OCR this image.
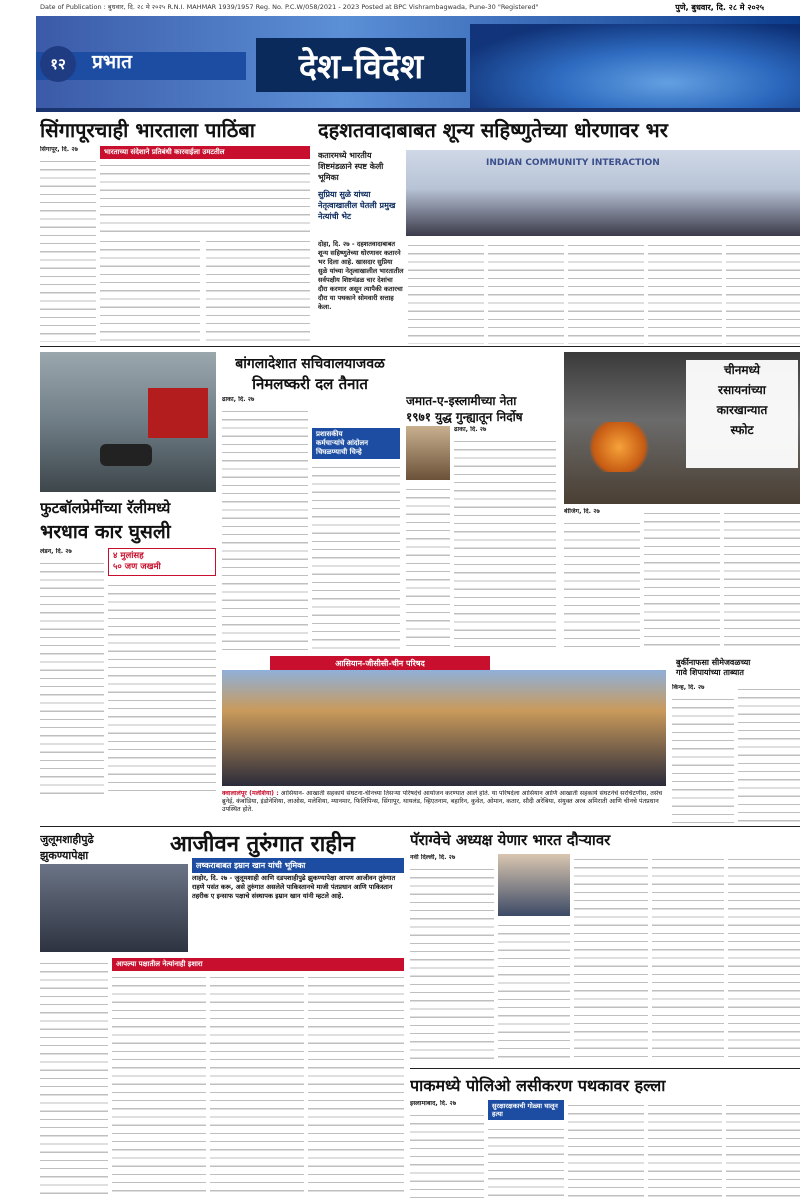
Date of Publication : बुधवार, दि. २८ मे २०२५ R.N.I. MAHMAR 1939/1957 Reg. No. P.C.W/058/2021 - 2023 Posted at BPC Vishrambagwada, Pune-30 "Registered"	पुणे, बुधवार, दि. २८ मे २०२५
१२	प्रभात	देश-विदेश
सिंगापूरचाही भारताला पाठिंबा
भारताच्या संदेशाने प्रतिबंधी कारवाईला उमटतील
सिंगापूर, दि. २७
दहशतवादाबाबत शून्य सहिष्णुतेच्या धोरणावर भर
कतारमध्ये भारतीय शिष्टमंडळाने स्पष्ट केली भूमिका
सुप्रिया सुळे यांच्या नेतृत्वाखालील घेतली प्रमुख नेत्यांची भेट
INDIAN COMMUNITY INTERACTION
दोहा, दि. २७ - दहशतवादाबाबत शून्य सहिष्णुतेच्या धोरणावर कतारने भर दिला आहे. खासदार सुप्रिया सुळे यांच्या नेतृत्वाखालील भारतातील सर्वपक्षीय शिष्टमंडळ चार देशांचा दौरा करणार असून त्यापैकी कतारचा दौरा या पथकाने सोमवारी सत्ताह केला.
फुटबॉलप्रेमींच्या रॅलीमध्ये
भरधाव कार घुसली
लंडन, दि. २७	४ मुलांसह
५० जण जखमी
बांगलादेशात सचिवालयाजवळ
निमलष्करी दल तैनात
ढाका, दि. २७
प्रशासकीय
कर्मचाऱ्यांचे आंदोलन
चिघळण्याची चिन्हे
जमात-ए-इस्लामीच्या नेता
१९७१ युद्ध गुन्ह्यातून निर्दोष
ढाका, दि. २७
चीनमध्ये
रसायनांच्या
कारखान्यात
स्फोट
बीजिंग, दि. २७
आसियान-जीसीसी-चीन परिषद
क्वालालंपूर (मलेशिया) : आसियान- आखाती सहकार्य संघटना-चीनच्या तिसऱ्या परिषदेचे आयोजन करण्यात आले होते. या परिषदेला आसियान आणि आखाती सहकार्य संघटनेचे सरचिटणीस, तसेच ब्रुनेई, कंबोडिया, इंडोनेशिया, लाओस, मलेशिया, म्यानमार, फिलिपिन्स, सिंगापूर, थायलंड, व्हिएतनाम, बहारिन, कुवेत, ओमान, कतार, सौदी अरेबिया, संयुक्त अरब अमिराती आणि चीनचे पंतप्रधान उपस्थित होते.
बुर्कीनाफसा सीमेजवळच्या
गावे शिपायांच्या ताब्यात
किन्ह, दि. २७
जुलूमशाहीपुढे
झुकण्यापेक्षा	आजीवन तुरुंगात राहीन
लष्कराबाबत इम्रान खान यांची भूमिका
लाहोर, दि. २७ - जुलूमशाही आणि दडपशाहीपुढे झुकण्यापेक्षा आपण आजीवन तुरुंगात राहणे पसंत करू, असे तुरुंगात असलेले पाकिस्तानचे माजी पंतप्रधान आणि पाकिस्तान तहरीक ए इन्साफ पक्षाचे संस्थापक इम्रान खान यांनी म्हटले आहे.
आपल्या पक्षातील नेत्यांनाही इशारा
पॅराग्वेचे अध्यक्ष येणार भारत दौऱ्यावर
नवी दिल्ली, दि. २७
पाकमध्ये पोलिओ लसीकरण पथकावर हल्ला
इस्लामाबाद, दि. २७	सुरक्षारक्षकाची गोळ्या घालून हत्या
